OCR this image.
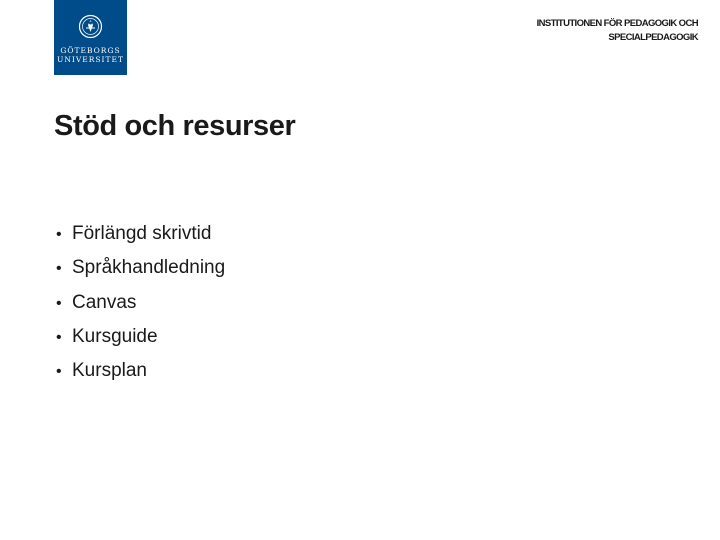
GÖTEBORGS
UNIVERSITET
INSTITUTIONEN FÖR PEDAGOGIK OCH
SPECIALPEDAGOGIK
Stöd och resurser
• Förlängd skrivtid
• Språkhandledning
• Canvas
• Kursguide
• Kursplan
